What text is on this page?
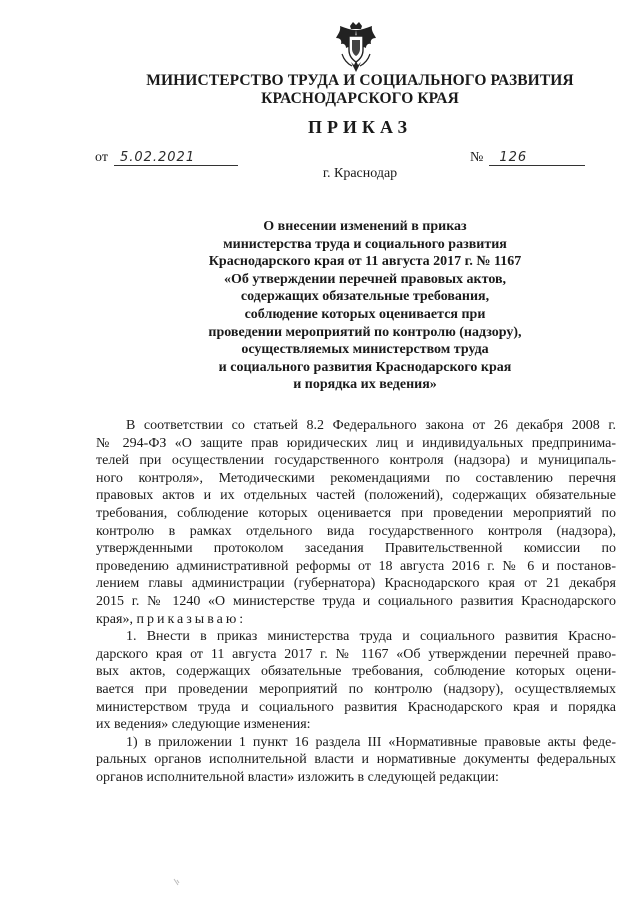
МИНИСТЕРСТВО ТРУДА И СОЦИАЛЬНОГО РАЗВИТИЯ
КРАСНОДАРСКОГО КРАЯ
ПРИКАЗ
от 5.02.2021	№	126
г. Краснодар
О внесении изменений в приказ
министерства труда и социального развития
Краснодарского края от 11 августа 2017 г. № 1167
«Об утверждении перечней правовых актов,
содержащих обязательные требования,
соблюдение которых оценивается при
проведении мероприятий по контролю (надзору),
осуществляемых министерством труда
и социального развития Краснодарского края
и порядка их ведения»
В соответствии со статьей 8.2 Федерального закона от 26 декабря 2008 г.
№ 294-ФЗ «О защите прав юридических лиц и индивидуальных предпринима-
телей при осуществлении государственного контроля (надзора) и муниципаль-
ного контроля», Методическими рекомендациями по составлению перечня
правовых актов и их отдельных частей (положений), содержащих обязательные
требования, соблюдение которых оценивается при проведении мероприятий по
контролю в рамках отдельного вида государственного контроля (надзора),
утвержденными протоколом заседания Правительственной комиссии по
проведению административной реформы от 18 августа 2016 г. № 6 и постанов-
лением главы администрации (губернатора) Краснодарского края от 21 декабря
2015 г. № 1240 «О министерстве труда и социального развития Краснодарского
края», приказываю:
1. Внести в приказ министерства труда и социального развития Красно-
дарского края от 11 августа 2017 г. № 1167 «Об утверждении перечней право-
вых актов, содержащих обязательные требования, соблюдение которых оцени-
вается при проведении мероприятий по контролю (надзору), осуществляемых
министерством труда и социального развития Краснодарского края и порядка
их ведения» следующие изменения:
1) в приложении 1 пункт 16 раздела III «Нормативные правовые акты феде-
ральных органов исполнительной власти и нормативные документы федеральных
органов исполнительной власти» изложить в следующей редакции:
